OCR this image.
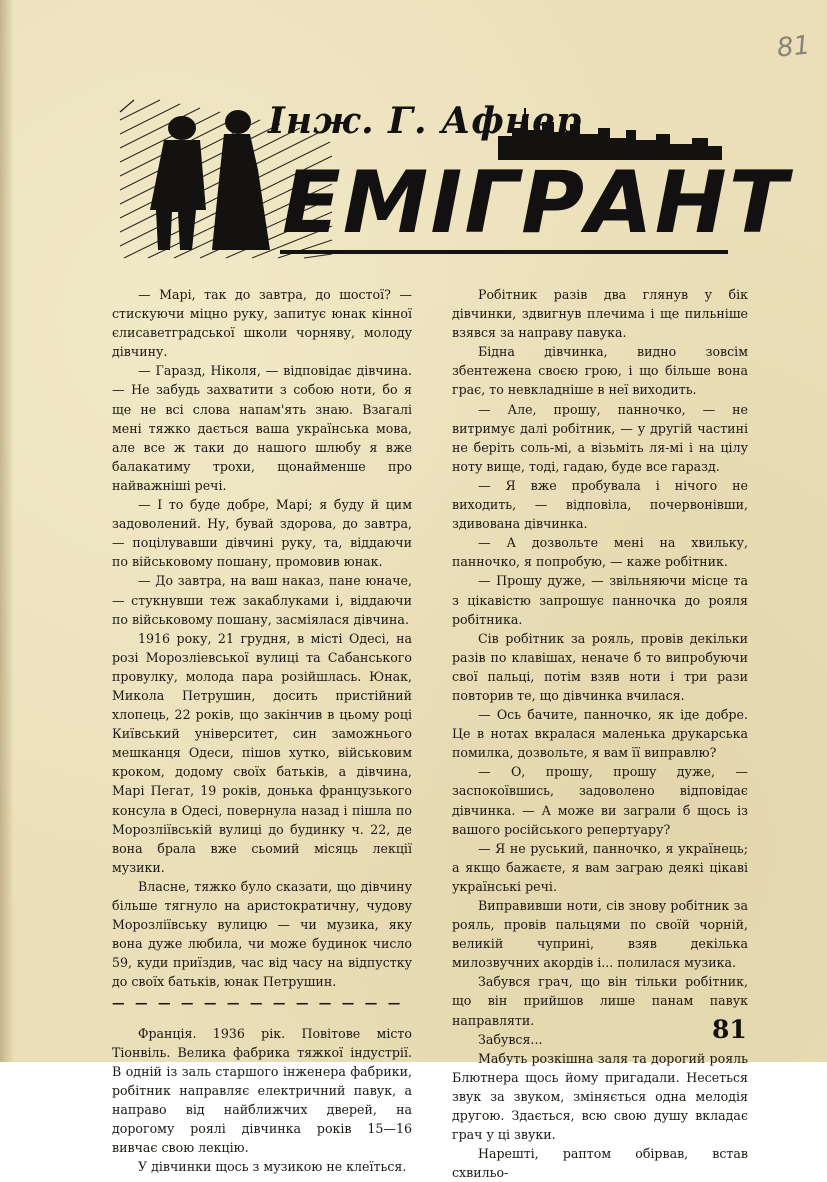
81
Інж. Г. Афнер
ЕМІГРАНТ

— Марі, так до завтра, до шостої? — стискуючи міцно руку, запитує юнак кінної єлисаветградської школи чорняву, молоду дівчину.

— Гаразд, Ніколя, — відповідає дівчина. — Не забудь захватити з собою ноти, бо я ще не всі слова напам'ять знаю. Взагалі мені тяжко дається ваша українська мова, але все ж таки до нашого шлюбу я вже балакатиму трохи, щонайменше про найважніші речі.

— І то буде добре, Марі; я буду й цим задоволений. Ну, бувай здорова, до завтра, — поцілувавши дівчині руку, та, віддаючи по військовому пошану, промовив юнак.

— До завтра, на ваш наказ, пане юначе, — стукнувши теж закаблуками і, віддаючи по військовому пошану, засміялася дівчина.

1916 року, 21 грудня, в місті Одесі, на розі Морозліевської вулиці та Сабанського провулку, молода пара розійшлась. Юнак, Микола Петрушин, досить пристійний хлопець, 22 років, що закінчив в цьому році Київський університет, син заможнього мешканця Одеси, пішов хутко, військовим кроком, додому своїх батьків, а дівчина, Марі Пегат, 19 років, донька французького консула в Одесі, повернула назад і пішла по Морозліївській вулиці до будинку ч. 22, де вона брала вже сьомий місяць лекції музики.

Власне, тяжко було сказати, що дівчину більше тягнуло на аристократичну, чудову Морозліївську вулицю — чи музика, яку вона дуже любила, чи може будинок число 59, куди приїздив, час від часу на відпустку до своїх батьків, юнак Петрушин.

— — — — — — — — — — — — —

Франція. 1936 рік. Повітове місто Тіонвіль. Велика фабрика тяжкої індустрії. В одній із заль старшого інженера фабрики, робітник направляє електричний павук, а направо від найближчих дверей, на дорогому роялі дівчинка років 15—16 вивчає свою лекцію.

У дівчинки щось з музикою не клеїться.

Робітник разів два глянув у бік дівчинки, здвигнув плечима і ще пильніше взявся за направу павука.

Бідна дівчинка, видно зовсім збентежена своєю грою, і що більше вона грає, то невкладніше в неї виходить.

— Але, прошу, панночко, — не витримує далі робітник, — у другій частині не беріть соль-мі, а візьміть ля-мі і на цілу ноту вище, тоді, гадаю, буде все гаразд.

— Я вже пробувала і нічого не виходить, — відповіла, почервонівши, здивована дівчинка.

— А дозвольте мені на хвильку, панночко, я попробую, — каже робітник.

— Прошу дуже, — звільняючи місце та з цікавістю запрошує панночка до рояля робітника.

Сів робітник за рояль, провів декільки разів по клавішах, неначе б то випробуючи свої пальці, потім взяв ноти і три рази повторив те, що дівчинка вчилася.

— Ось бачите, панночко, як іде добре. Це в нотах вкралася маленька друкарська помилка, дозвольте, я вам її виправлю?

— О, прошу, прошу дуже, — заспокоївшись, задоволено відповідає дівчинка. — А може ви заграли б щось із вашого російського репертуару?

— Я не руський, панночко, я українець; а якщо бажаєте, я вам заграю деякі цікаві українські речі.

Виправивши ноти, сів знову робітник за рояль, провів пальцями по своїй чорній, великій чуприні, взяв декілька милозвучних акордів і... полилася музика.

Забувся грач, що він тільки робітник, що він прийшов лише панам павук направляти.

Забувся...

Мабуть розкішна заля та дорогий рояль Блютнера щось йому пригадали. Несеться звук за звуком, зміняється одна мелодія другою. Здається, всю свою душу вкладає грач у ці звуки.

Нарешті, раптом обірвав, встав схвильо-

81
